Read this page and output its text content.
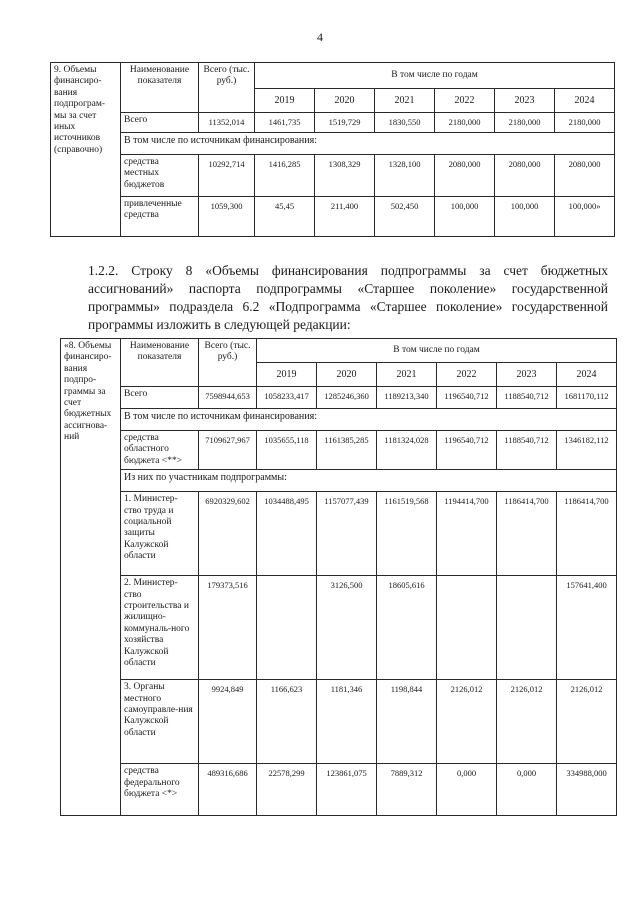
4
9. Объемы финансиро-вания подпрограм-мы за счет иных источников (справочно)	Наименование показателя	Всего (тыс. руб.)	В том числе по годам					
			2019	2020	2021	2022	2023	2024
	Всего	11352,014	1461,735	1519,729	1830,550	2180,000	2180,000	2180,000
	В том числе по источникам финансирования:							
	средства местных бюджетов	10292,714	1416,285	1308,329	1328,100	2080,000	2080,000	2080,000
	привлеченные средства	1059,300	45,45	211,400	502,450	100,000	100,000	100,000»
1.2.2. Строку 8 «Объемы финансирования подпрограммы за счет бюджетных ассигнований» паспорта подпрограммы «Старшее поколение» государственной программы» подраздела 6.2 «Подпрограмма «Старшее поколение» государственной программы изложить в следующей редакции:
«8. Объемы финансиро-вания подпро-граммы за счет бюджетных ассигнова-ний	Наименование показателя	Всего (тыс. руб.)	В том числе по годам					
			2019	2020	2021	2022	2023	2024
	Всего	7598944,653	1058233,417	1285246,360	1189213,340	1196540,712	1188540,712	1681170,112
	В том числе по источникам финансирования:							
	средства областного бюджета <**>	7109627,967	1035655,118	1161385,285	1181324,028	1196540,712	1188540,712	1346182,112
	Из них по участникам подпрограммы:							
	1. Министер-ство труда и социальной защиты Калужской области	6920329,602	1034488,495	1157077,439	1161519,568	1194414,700	1186414,700	1186414,700
	2. Министер-ство строительства и жилищно-коммуналь-ного хозяйства Калужской области	179373,516		3126,500	18605,616			157641,400
	3. Органы местного самоуправле-ния Калужской области	9924,849	1166,623	1181,346	1198,844	2126,012	2126,012	2126,012
	средства федерального бюджета <*>	489316,686	22578,299	123861,075	7889,312	0,000	0,000	334988,000
